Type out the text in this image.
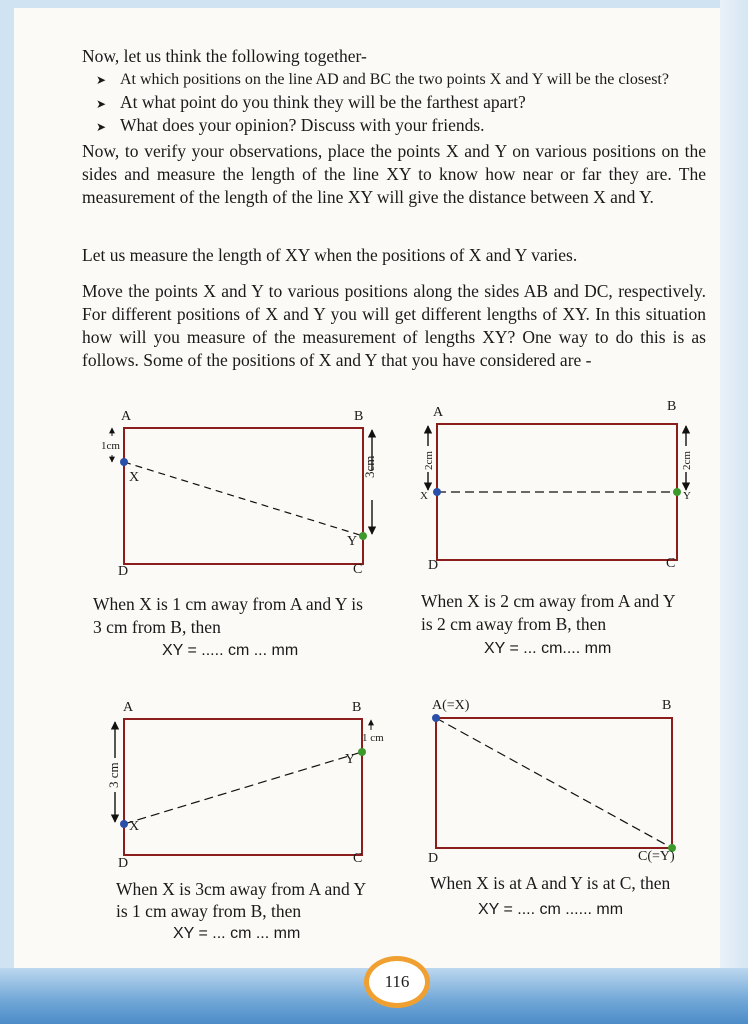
Now, let us think the following together-
➤ At which positions on the line AD and BC the two points X and Y will be the closest?
➤ At what point do you think they will be the farthest apart?
➤ What does your opinion? Discuss with your friends.
Now, to verify your observations, place the points X and Y on various positions on the sides and measure the length of the line XY to know how near or far they are. The measurement of the length of the line XY will give the distance between X and Y.
Let us measure the length of XY when the positions of X and Y varies.
Move the points X and Y to various positions along the sides AB and DC, respectively. For different positions of X and Y you will get different lengths of XY. In this situation how will you measure of the measurement of lengths XY? One way to do this is as follows. Some of the positions of X and Y that you have considered are -
A	B
C
D
X
Y
1cm
3cm
When X is 1 cm away from A and Y is
3 cm from B, then
XY = ..... cm ... mm
A	B
C
D
X	Y
2cm	2cm
When X is 2 cm away from A and Y
is 2 cm away from B, then
XY = ... cm.... mm
A	B
C
D
X
Y
3 cm
1 cm
When X is 3cm away from A and Y
is 1 cm away from B, then
XY = ... cm ... mm
A(=X)	B
C(=Y)
D
When X is at A and Y is at C, then
XY = .... cm ...... mm
116
